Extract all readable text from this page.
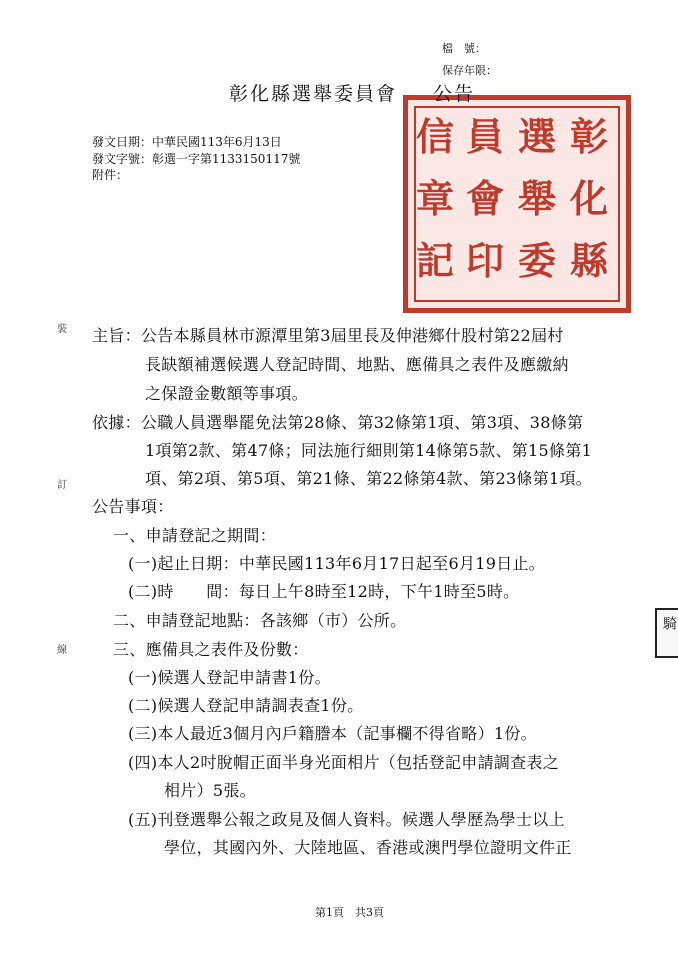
檔　號：
保存年限：
彰化縣選舉委員會 公告
發文日期：中華民國113年6月13日
發文字號：彰選一字第1133150117號
附件：
彰
化
縣
選
舉
委
員
會
印
信
章
記
裝
訂
線
主旨：公告本縣員林市源潭里第3屆里長及伸港鄉什股村第22屆村
長缺額補選候選人登記時間、地點、應備具之表件及應繳納
之保證金數額等事項。
依據：公職人員選舉罷免法第28條、第32條第1項、第3項、38條第
1項第2款、第47條；同法施行細則第14條第5款、第15條第1
項、第2項、第5項、第21條、第22條第4款、第23條第1項。
公告事項：
一、申請登記之期間：
(一)起止日期：中華民國113年6月17日起至6月19日止。
(二)時　　間：每日上午8時至12時，下午1時至5時。
二、申請登記地點：各該鄉（市）公所。
三、應備具之表件及份數：
(一)候選人登記申請書1份。
(二)候選人登記申請調表查1份。
(三)本人最近3個月內戶籍謄本（記事欄不得省略）1份。
(四)本人2吋脫帽正面半身光面相片（包括登記申請調查表之
相片）5張。
(五)刊登選舉公報之政見及個人資料。候選人學歷為學士以上
學位，其國內外、大陸地區、香港或澳門學位證明文件正
第1頁　共3頁
騎
